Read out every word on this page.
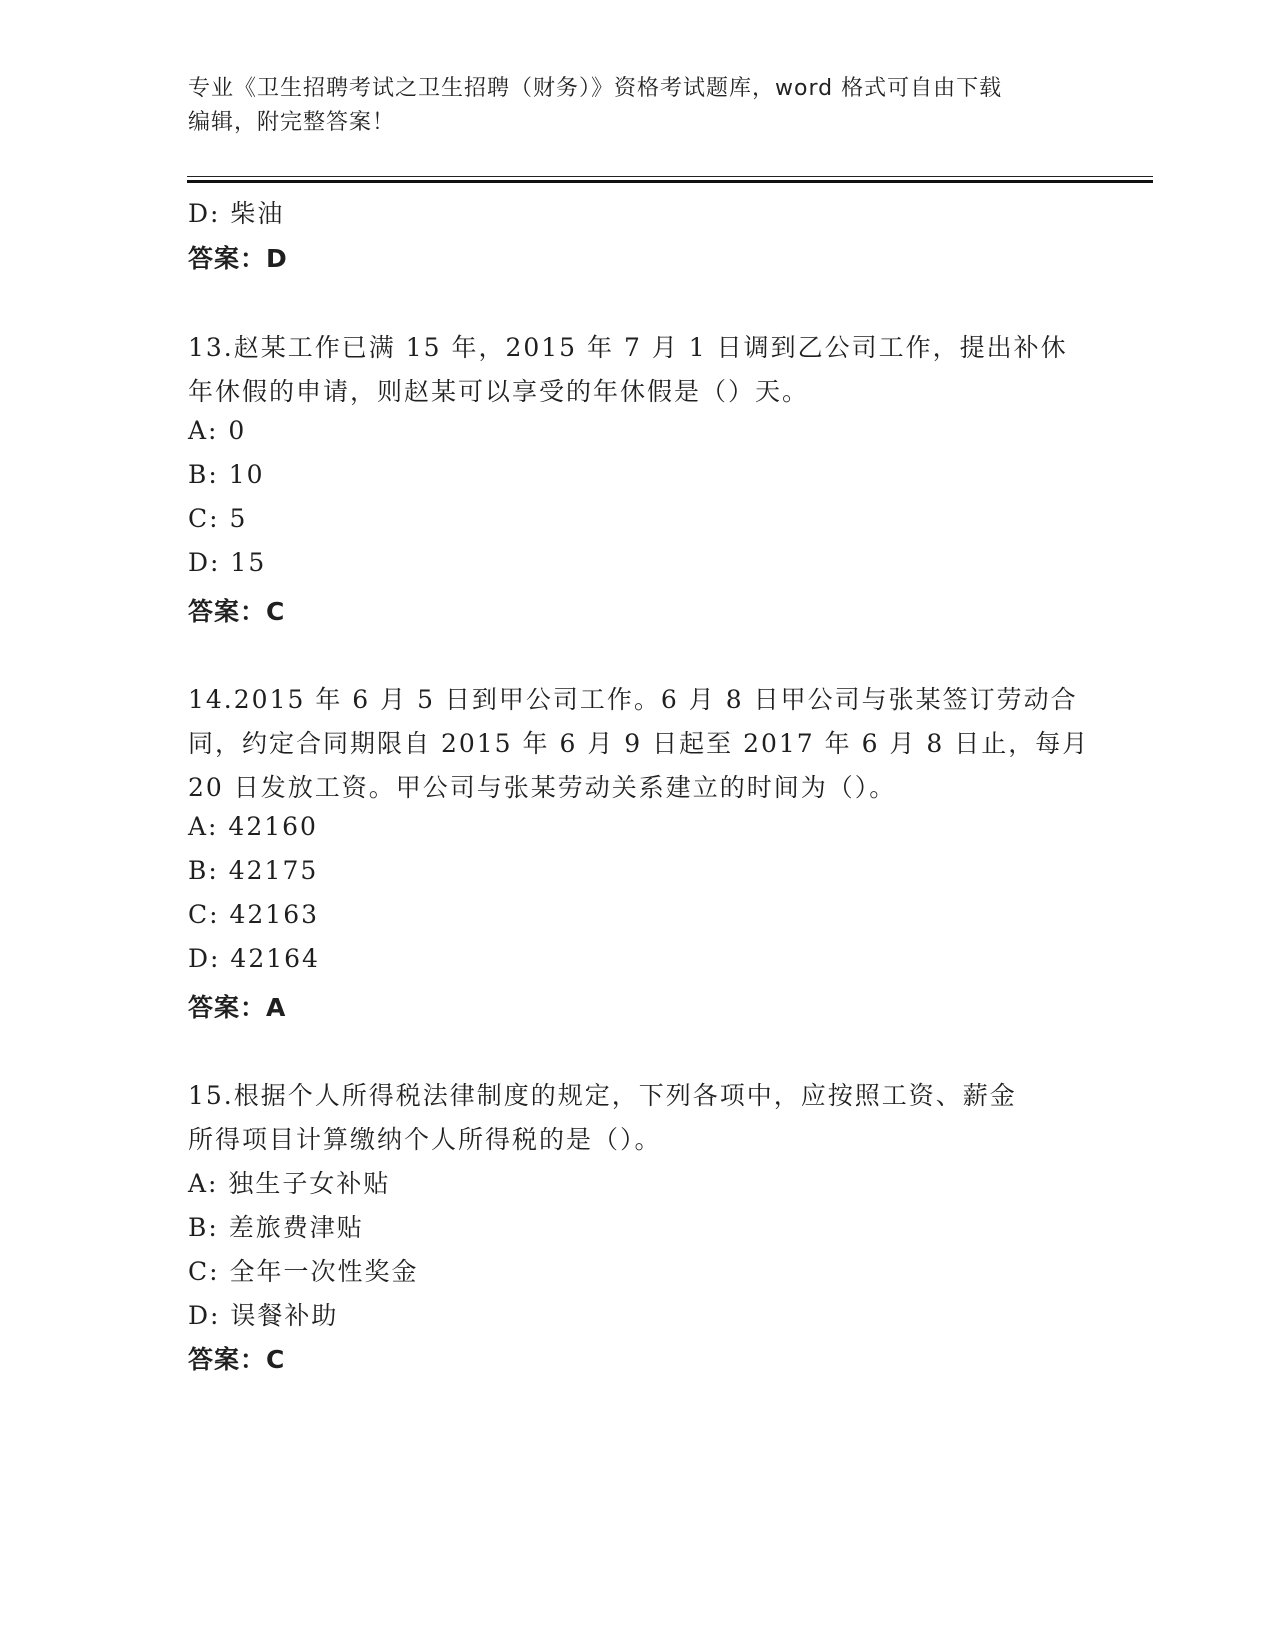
专业《卫生招聘考试之卫生招聘（财务）》资格考试题库，word 格式可自由下载
编辑，附完整答案！
D: 柴油
答案：D
13.赵某工作已满 15 年，2015 年 7 月 1 日调到乙公司工作，提出补休
年休假的申请，则赵某可以享受的年休假是（）天。
A: 0
B: 10
C: 5
D: 15
答案：C
14.2015 年 6 月 5 日到甲公司工作。6 月 8 日甲公司与张某签订劳动合
同，约定合同期限自 2015 年 6 月 9 日起至 2017 年 6 月 8 日止，每月
20 日发放工资。甲公司与张某劳动关系建立的时间为（）。
A: 42160
B: 42175
C: 42163
D: 42164
答案：A
15.根据个人所得税法律制度的规定，下列各项中，应按照工资、薪金
所得项目计算缴纳个人所得税的是（）。
A: 独生子女补贴
B: 差旅费津贴
C: 全年一次性奖金
D: 误餐补助
答案：C
